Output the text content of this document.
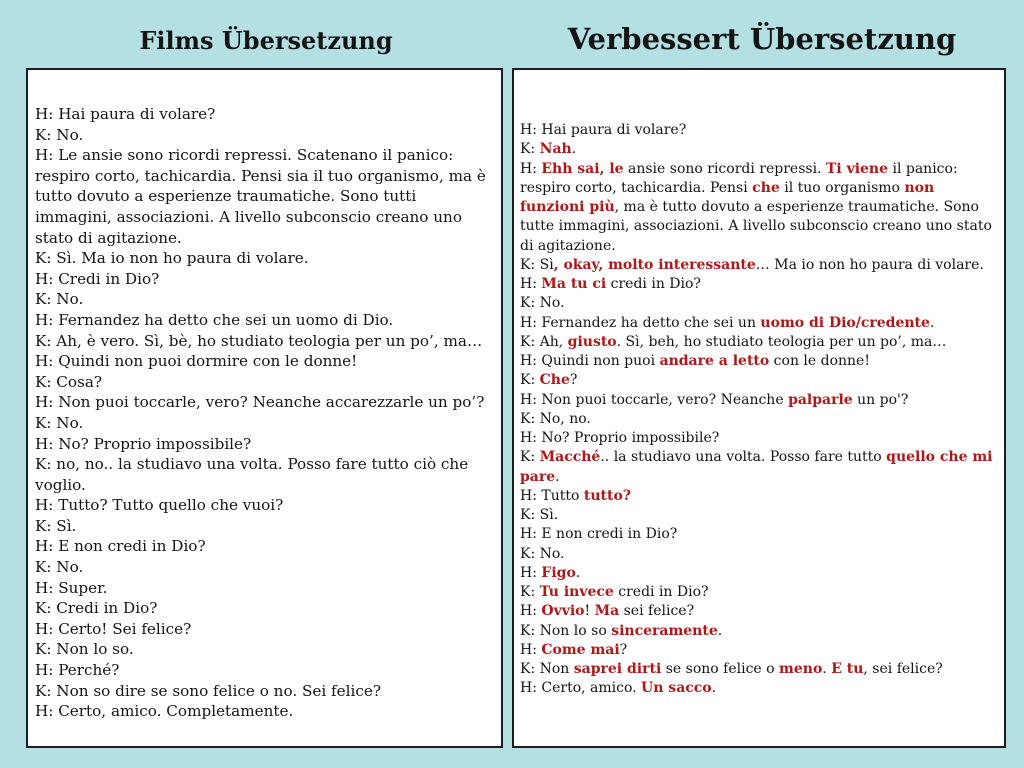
Films Übersetzung	Verbessert Übersetzung

H: Hai paura di volare?

K: No.

H: Le ansie sono ricordi repressi. Scatenano il panico: respiro corto, tachicardia. Pensi sia il tuo organismo, ma è tutto dovuto a esperienze traumatiche. Sono tutti immagini, associazioni. A livello subconscio creano uno stato di agitazione.

K: Sì. Ma io non ho paura di volare.

H: Credi in Dio?

K: No.

H: Fernandez ha detto che sei un uomo di Dio.

K: Ah, è vero. Sì, bè, ho studiato teologia per un po’, ma…

H: Quindi non puoi dormire con le donne!

K: Cosa?

H: Non puoi toccarle, vero? Neanche accarezzarle un po’?

K: No.

H: No? Proprio impossibile?

K: no, no.. la studiavo una volta. Posso fare tutto ciò che voglio.

H: Tutto? Tutto quello che vuoi?

K: Sì.

H: E non credi in Dio?

K: No.

H: Super.

K: Credi in Dio?

H: Certo! Sei felice?

K: Non lo so.

H: Perché?

K: Non so dire se sono felice o no. Sei felice?

H: Certo, amico. Completamente.

H: Hai paura di volare?

K: Nah.

H: Ehh sai, le ansie sono ricordi repressi. Ti viene il panico: respiro corto, tachicardia. Pensi che il tuo organismo non funzioni più, ma è tutto dovuto a esperienze traumatiche. Sono tutte immagini, associazioni. A livello subconscio creano uno stato di agitazione.

K: Sì, okay, molto interessante… Ma io non ho paura di volare.

H: Ma tu ci credi in Dio?

K: No.

H: Fernandez ha detto che sei un uomo di Dio/credente.

K: Ah, giusto. Sì, beh, ho studiato teologia per un po’, ma…

H: Quindi non puoi andare a letto con le donne!

K: Che?

H: Non puoi toccarle, vero? Neanche palparle un po'?

K: No, no.

H: No? Proprio impossibile?

K: Macché.. la studiavo una volta. Posso fare tutto quello che mi pare.

H: Tutto tutto?

K: Sì.

H: E non credi in Dio?

K: No.

H: Figo.

K: Tu invece credi in Dio?

H: Ovvio! Ma sei felice?

K: Non lo so sinceramente.

H: Come mai?

K: Non saprei dirti se sono felice o meno. E tu, sei felice?

H: Certo, amico. Un sacco.
